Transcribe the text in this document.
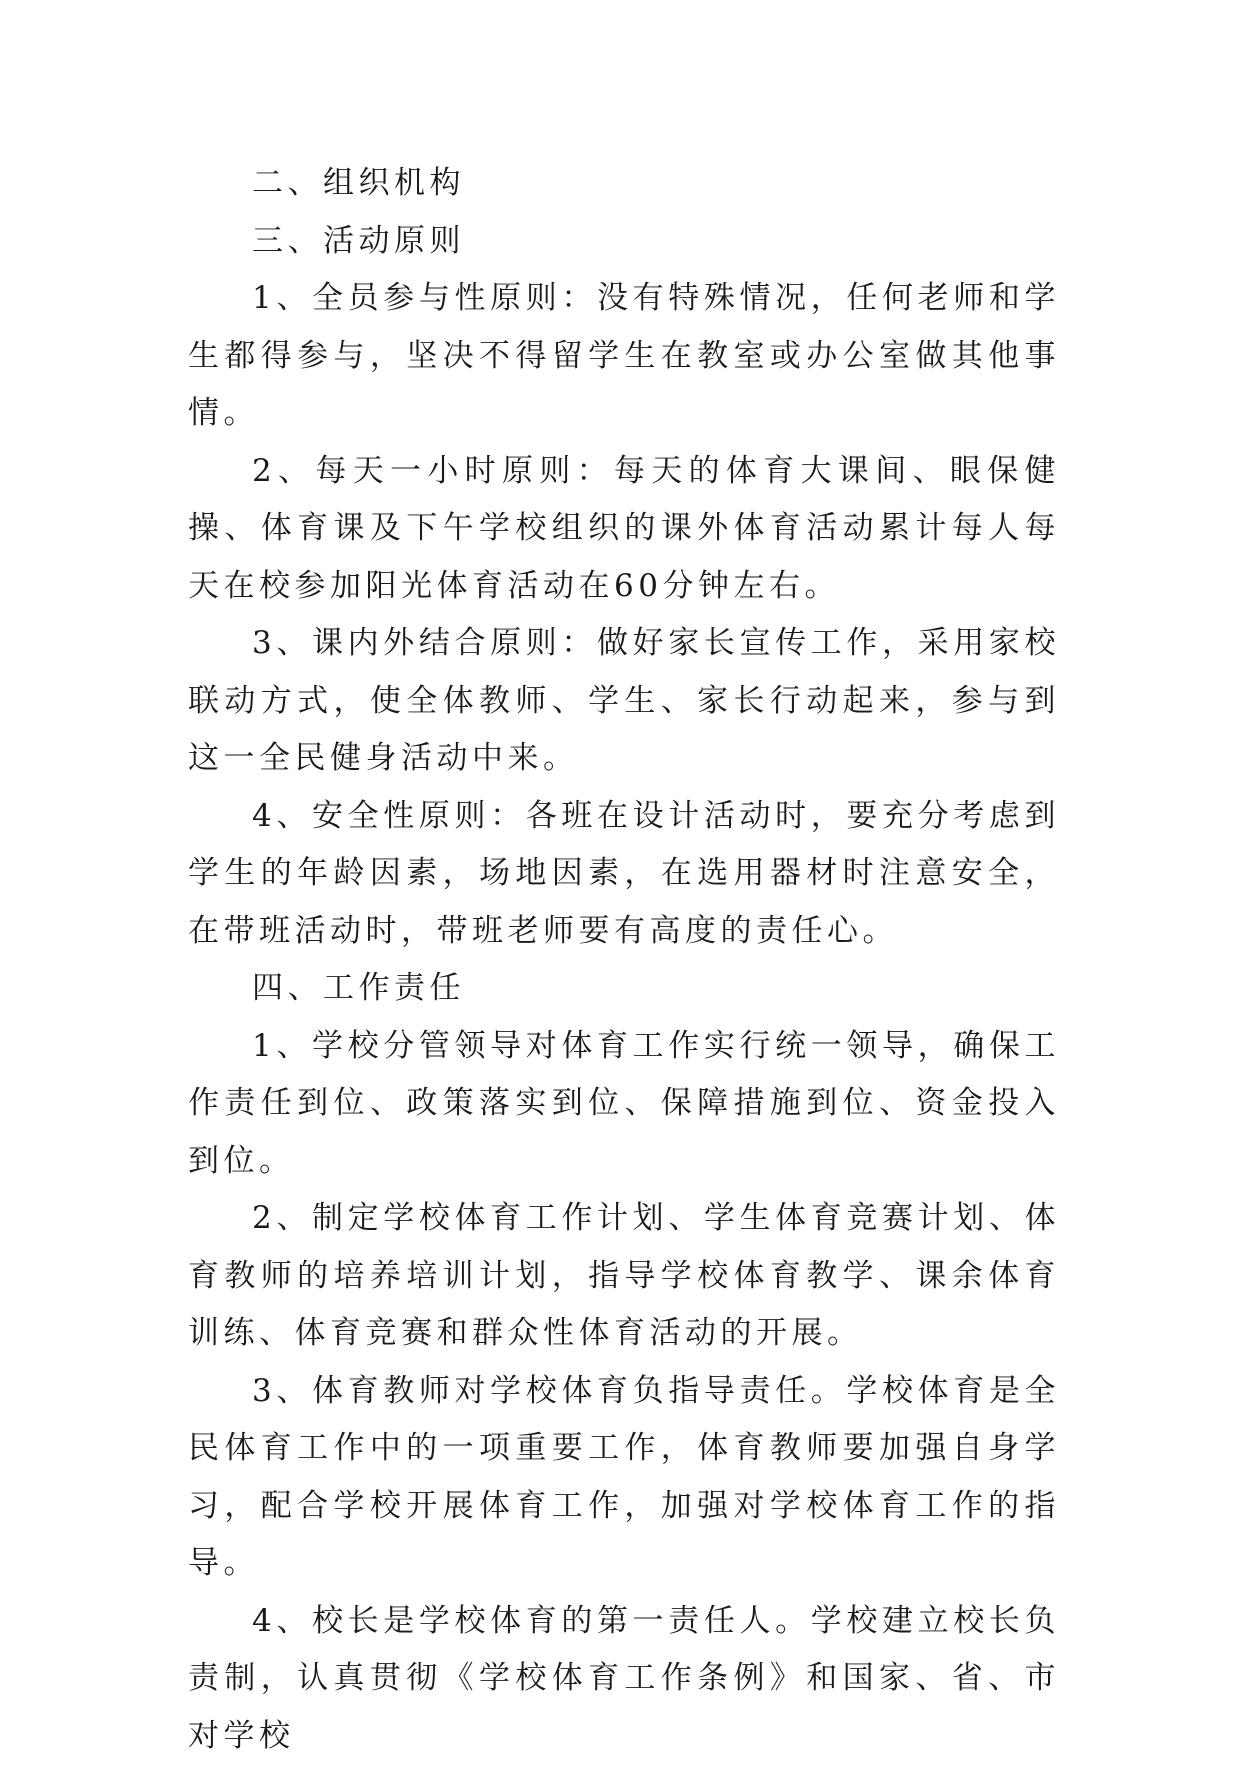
二、组织机构

三、活动原则

1、全员参与性原则：没有特殊情况，任何老师和学生都得参与，坚决不得留学生在教室或办公室做其他事情。

2、每天一小时原则：每天的体育大课间、眼保健操、体育课及下午学校组织的课外体育活动累计每人每天在校参加阳光体育活动在60分钟左右。

3、课内外结合原则：做好家长宣传工作，采用家校联动方式，使全体教师、学生、家长行动起来，参与到这一全民健身活动中来。

4、安全性原则：各班在设计活动时，要充分考虑到学生的年龄因素，场地因素，在选用器材时注意安全，在带班活动时，带班老师要有高度的责任心。

四、工作责任

1、学校分管领导对体育工作实行统一领导，确保工作责任到位、政策落实到位、保障措施到位、资金投入到位。

2、制定学校体育工作计划、学生体育竞赛计划、体育教师的培养培训计划，指导学校体育教学、课余体育训练、体育竞赛和群众性体育活动的开展。

3、体育教师对学校体育负指导责任。学校体育是全民体育工作中的一项重要工作，体育教师要加强自身学习，配合学校开展体育工作，加强对学校体育工作的指导。

4、校长是学校体育的第一责任人。学校建立校长负责制，认真贯彻《学校体育工作条例》和国家、省、市对学校
